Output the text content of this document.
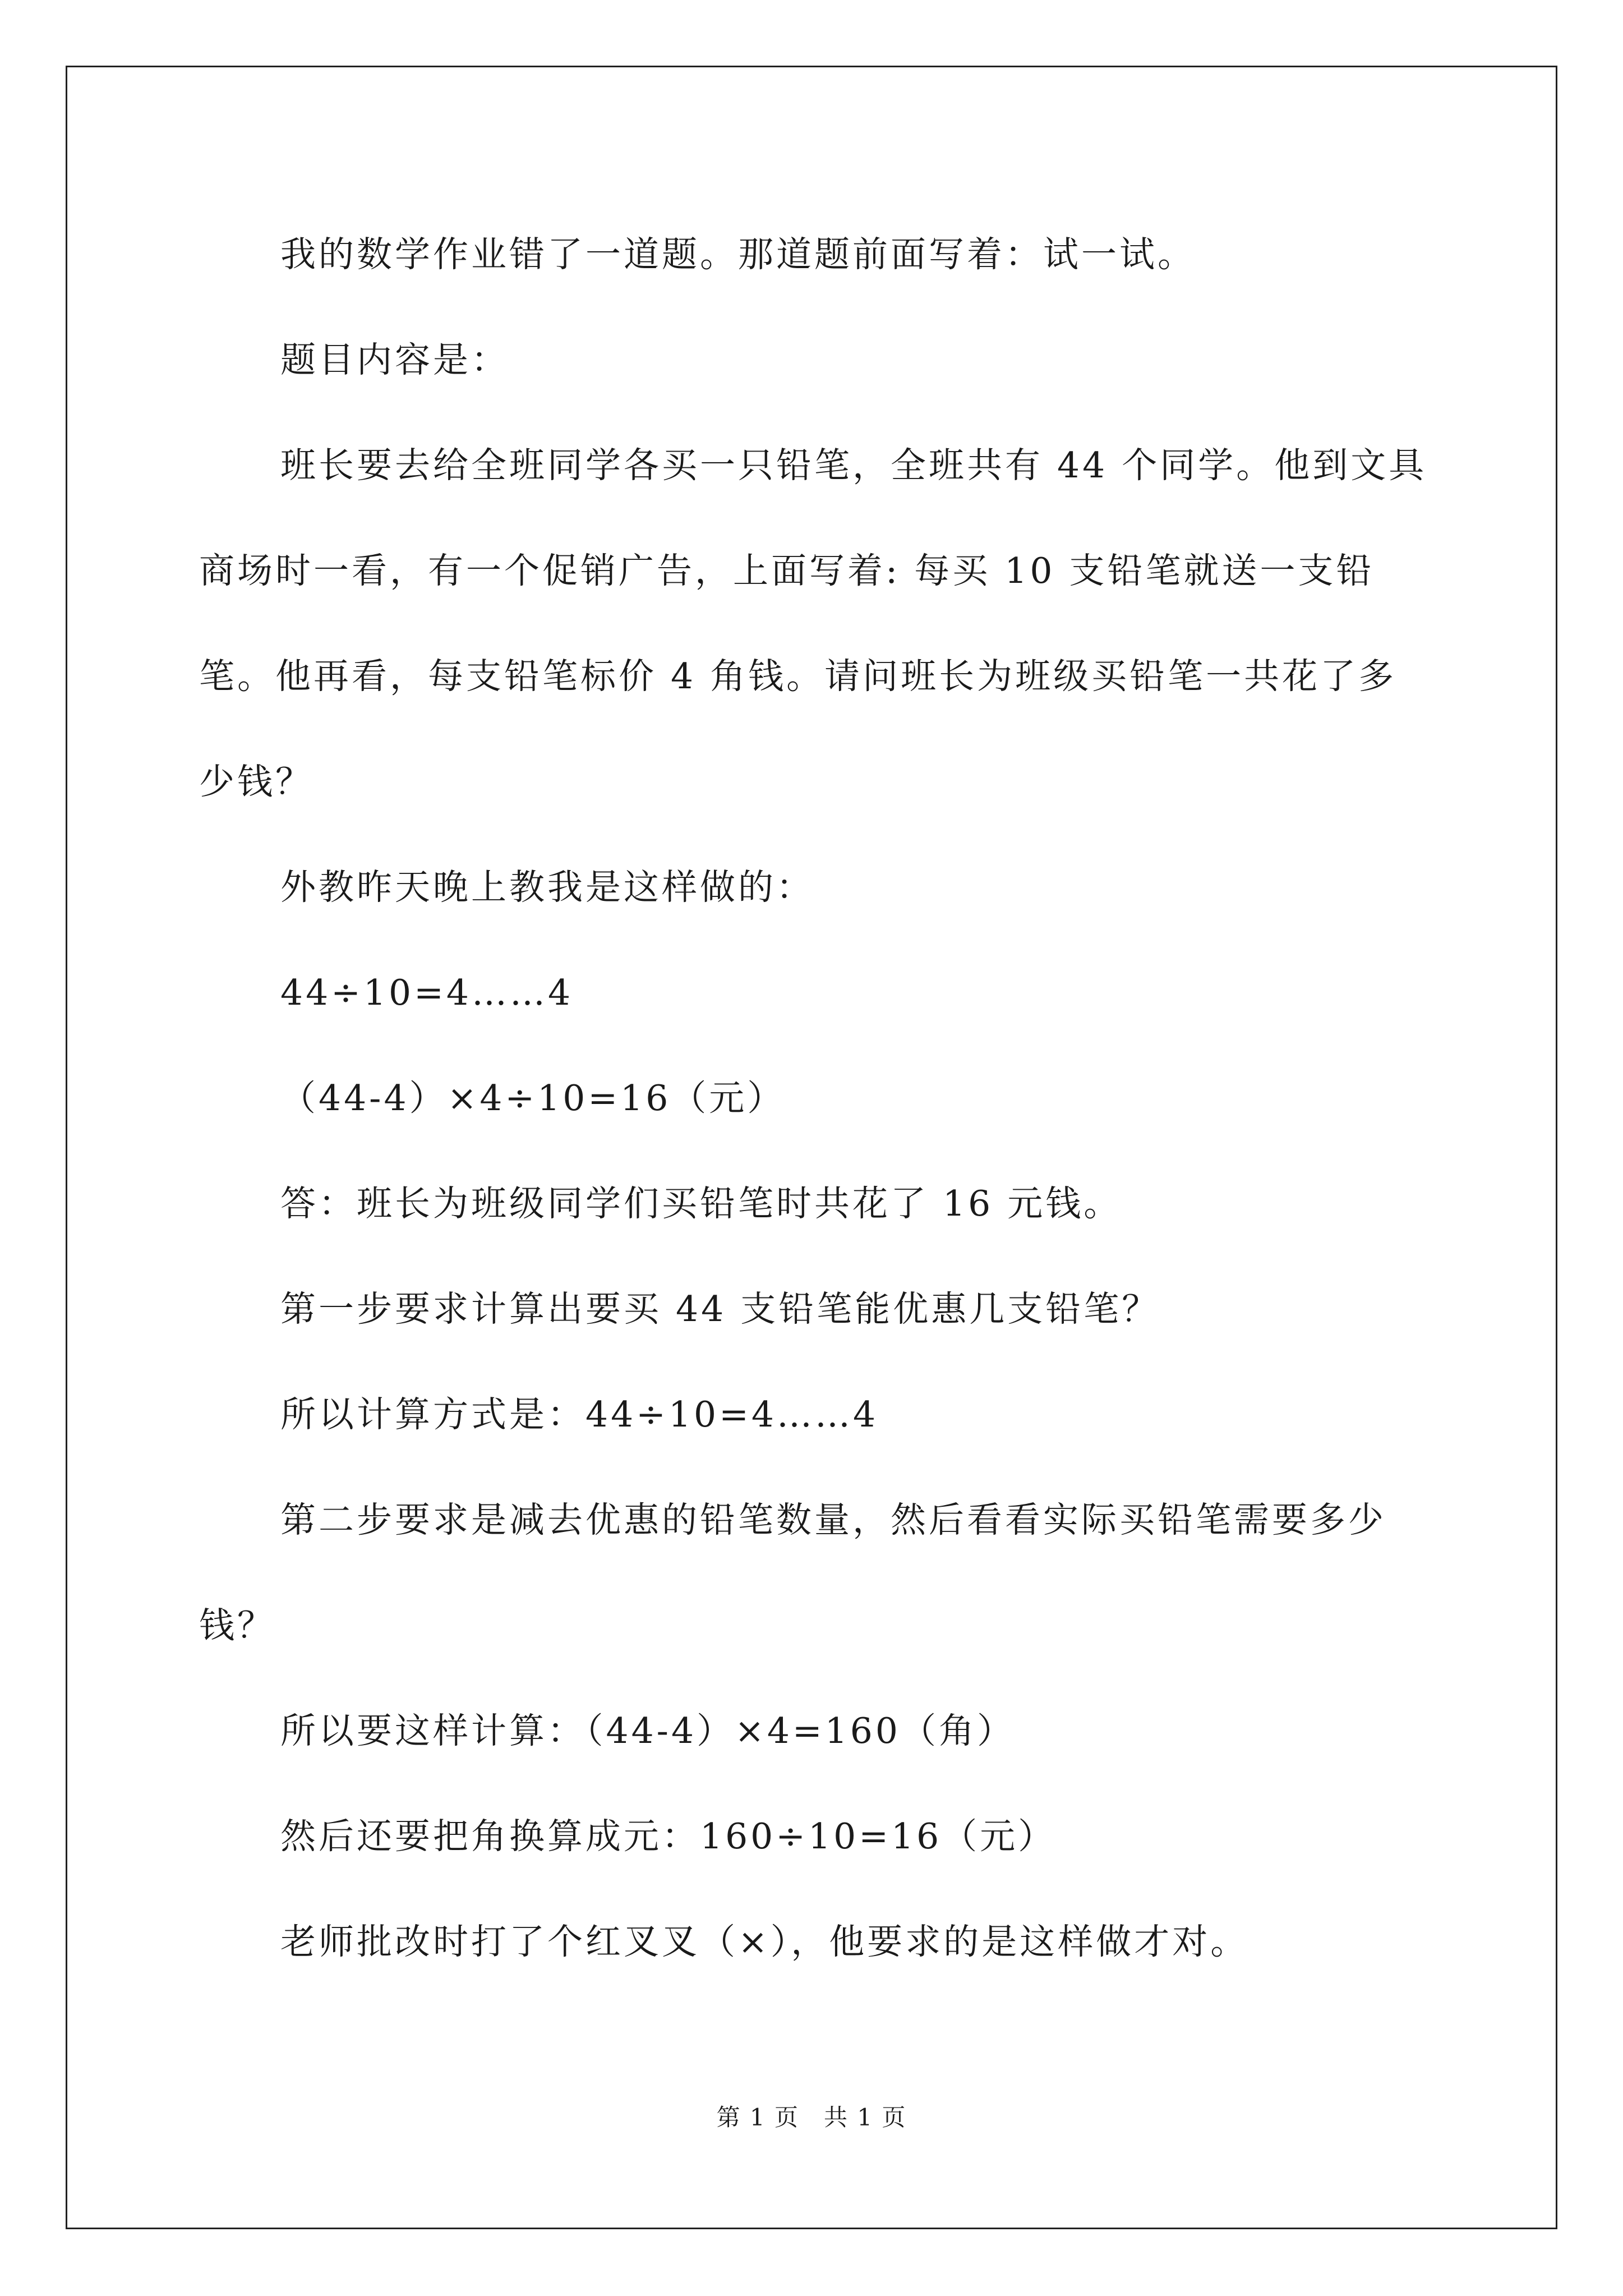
我的数学作业错了一道题。那道题前面写着：试一试。

题目内容是：

班长要去给全班同学各买一只铅笔，全班共有 44 个同学。他到文具商场时一看，有一个促销广告，上面写着: 每买 10 支铅笔就送一支铅笔。他再看，每支铅笔标价 4 角钱。请问班长为班级买铅笔一共花了多少钱？

外教昨天晚上教我是这样做的：

44÷10=4……4

（44-4）×4÷10=16（元）

答：班长为班级同学们买铅笔时共花了 16 元钱。

第一步要求计算出要买 44 支铅笔能优惠几支铅笔？

所以计算方式是：44÷10=4……4

第二步要求是减去优惠的铅笔数量，然后看看实际买铅笔需要多少钱？

所以要这样计算：（44-4）×4=160（角）

然后还要把角换算成元：160÷10=16（元）

老师批改时打了个红叉叉（×），他要求的是这样做才对。

第 1 页　共 1 页
